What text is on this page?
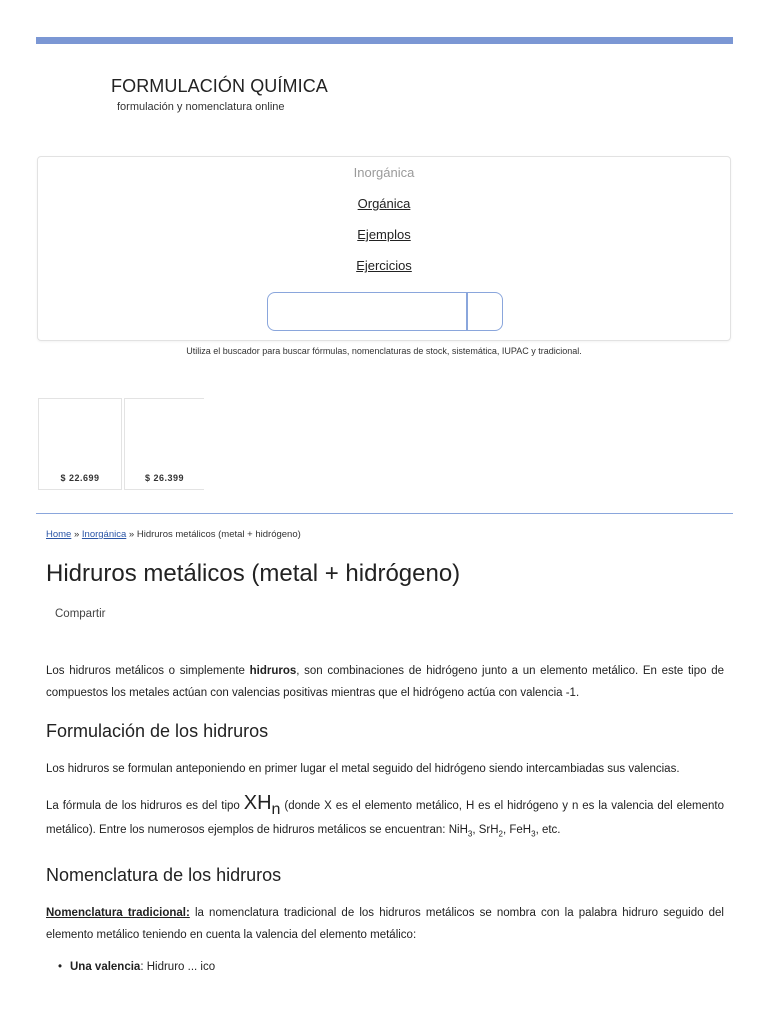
FORMULACIÓN QUÍMICA
formulación y nomenclatura online
Inorgánica
Orgánica
Ejemplos
Ejercicios
Utiliza el buscador para buscar fórmulas, nomenclaturas de stock, sistemática, IUPAC y tradicional.
$ 22.699	$ 26.399
Home » Inorgánica » Hidruros metálicos (metal + hidrógeno)
Hidruros metálicos (metal + hidrógeno)
Compartir

Los hidruros metálicos o simplemente hidruros, son combinaciones de hidrógeno junto a un elemento metálico. En este tipo de compuestos los metales actúan con valencias positivas mientras que el hidrógeno actúa con valencia -1.

Formulación de los hidruros

Los hidruros se formulan anteponiendo en primer lugar el metal seguido del hidrógeno siendo intercambiadas sus valencias.

La fórmula de los hidruros es del tipo $XH_n$ (donde X es el elemento metálico, H es el hidrógeno y n es la valencia del elemento metálico). Entre los numerosos ejemplos de hidruros metálicos se encuentran: NiH$_3$, SrH$_2$, FeH$_3$, etc.

Nomenclatura de los hidruros

Nomenclatura tradicional: la nomenclatura tradicional de los hidruros metálicos se nombra con la palabra hidruro seguido del elemento metálico teniendo en cuenta la valencia del elemento metálico:

• Una valencia: Hidruro ... ico
